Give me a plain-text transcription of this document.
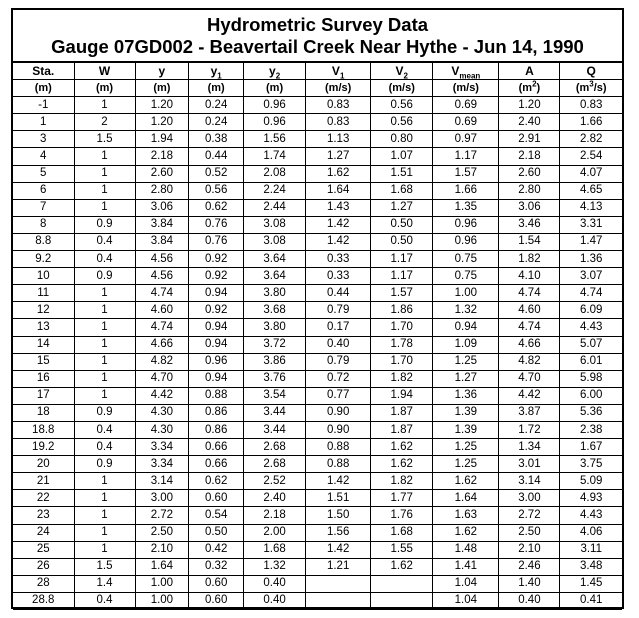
Hydrometric Survey Data
Gauge 07GD002 - Beavertail Creek Near Hythe - Jun 14, 1990
Sta.	W	y	$y_1$	$y_2$	$V_1$	$V_2$	$V_{mean}$	A	Q
(m)	(m)	(m)	(m)	(m)	(m/s)	(m/s)	(m/s)	$(m^2)$	$(m^3/s)$
-1	1	1.20	0.24	0.96	0.83	0.56	0.69	1.20	0.83
1	2	1.20	0.24	0.96	0.83	0.56	0.69	2.40	1.66
3	1.5	1.94	0.38	1.56	1.13	0.80	0.97	2.91	2.82
4	1	2.18	0.44	1.74	1.27	1.07	1.17	2.18	2.54
5	1	2.60	0.52	2.08	1.62	1.51	1.57	2.60	4.07
6	1	2.80	0.56	2.24	1.64	1.68	1.66	2.80	4.65
7	1	3.06	0.62	2.44	1.43	1.27	1.35	3.06	4.13
8	0.9	3.84	0.76	3.08	1.42	0.50	0.96	3.46	3.31
8.8	0.4	3.84	0.76	3.08	1.42	0.50	0.96	1.54	1.47
9.2	0.4	4.56	0.92	3.64	0.33	1.17	0.75	1.82	1.36
10	0.9	4.56	0.92	3.64	0.33	1.17	0.75	4.10	3.07
11	1	4.74	0.94	3.80	0.44	1.57	1.00	4.74	4.74
12	1	4.60	0.92	3.68	0.79	1.86	1.32	4.60	6.09
13	1	4.74	0.94	3.80	0.17	1.70	0.94	4.74	4.43
14	1	4.66	0.94	3.72	0.40	1.78	1.09	4.66	5.07
15	1	4.82	0.96	3.86	0.79	1.70	1.25	4.82	6.01
16	1	4.70	0.94	3.76	0.72	1.82	1.27	4.70	5.98
17	1	4.42	0.88	3.54	0.77	1.94	1.36	4.42	6.00
18	0.9	4.30	0.86	3.44	0.90	1.87	1.39	3.87	5.36
18.8	0.4	4.30	0.86	3.44	0.90	1.87	1.39	1.72	2.38
19.2	0.4	3.34	0.66	2.68	0.88	1.62	1.25	1.34	1.67
20	0.9	3.34	0.66	2.68	0.88	1.62	1.25	3.01	3.75
21	1	3.14	0.62	2.52	1.42	1.82	1.62	3.14	5.09
22	1	3.00	0.60	2.40	1.51	1.77	1.64	3.00	4.93
23	1	2.72	0.54	2.18	1.50	1.76	1.63	2.72	4.43
24	1	2.50	0.50	2.00	1.56	1.68	1.62	2.50	4.06
25	1	2.10	0.42	1.68	1.42	1.55	1.48	2.10	3.11
26	1.5	1.64	0.32	1.32	1.21	1.62	1.41	2.46	3.48
28	1.4	1.00	0.60	0.40			1.04	1.40	1.45
28.8	0.4	1.00	0.60	0.40			1.04	0.40	0.41
